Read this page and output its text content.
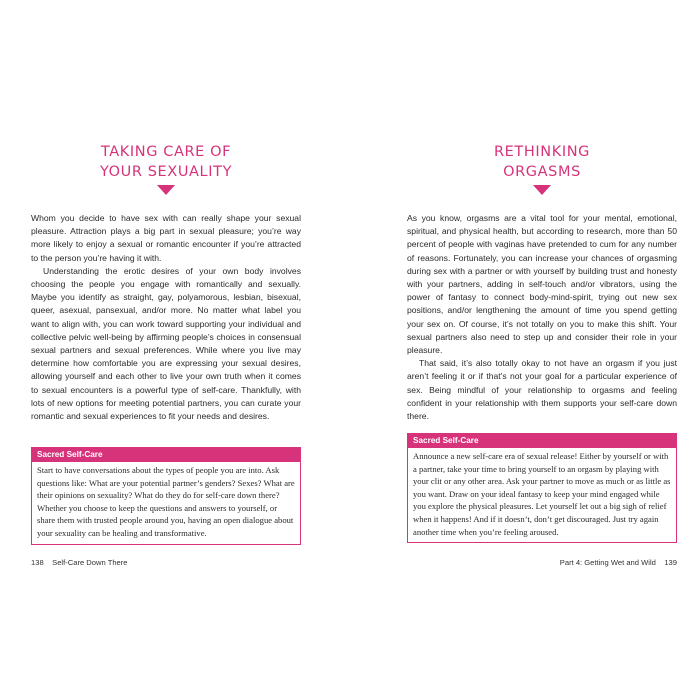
TAKING CARE OF
YOUR SEXUALITY

Whom you decide to have sex with can really shape your sexual pleasure. Attraction plays a big part in sexual pleasure; you’re way more likely to enjoy a sexual or romantic encounter if you’re attracted to the person you’re having it with.

Understanding the erotic desires of your own body involves choosing the people you engage with romantically and sexually. Maybe you identify as straight, gay, polyamorous, lesbian, bisexual, queer, asexual, pansexual, and/or more. No matter what label you want to align with, you can work toward supporting your individual and collective pelvic well-being by affirming people’s choices in consensual sexual partners and sexual preferences. While where you live may determine how comfortable you are expressing your sexual desires, allowing yourself and each other to live your own truth when it comes to sexual encounters is a powerful type of self-care. Thankfully, with lots of new options for meeting potential partners, you can curate your romantic and sexual experiences to fit your needs and desires.

Sacred Self-Care
Start to have conversations about the types of people you are into. Ask questions like: What are your potential partner’s genders? Sexes? What are their opinions on sexuality? What do they do for self-care down there? Whether you choose to keep the questions and answers to yourself, or share them with trusted people around you, having an open dialogue about your sexuality can be healing and transformative.
138 Self-Care Down There
RETHINKING
ORGASMS

As you know, orgasms are a vital tool for your mental, emotional, spiritual, and physical health, but according to research, more than 50 percent of people with vaginas have pretended to cum for any number of reasons. Fortunately, you can increase your chances of orgasming during sex with a partner or with yourself by building trust and honesty with your partners, adding in self-touch and/or vibrators, using the power of fantasy to connect body-mind-spirit, trying out new sex positions, and/or lengthening the amount of time you spend getting your sex on. Of course, it’s not totally on you to make this shift. Your sexual partners also need to step up and consider their role in your pleasure.

That said, it’s also totally okay to not have an orgasm if you just aren’t feeling it or if that’s not your goal for a particular experience of sex. Being mindful of your relationship to orgasms and feeling confident in your relationship with them supports your self-care down there.

Sacred Self-Care
Announce a new self-care era of sexual release! Either by yourself or with a partner, take your time to bring yourself to an orgasm by playing with your clit or any other area. Ask your partner to move as much or as little as you want. Draw on your ideal fantasy to keep your mind engaged while you explore the physical pleasures. Let yourself let out a big sigh of relief when it happens! And if it doesn’t, don’t get discouraged. Just try again another time when you’re feeling aroused.
Part 4: Getting Wet and Wild 139
